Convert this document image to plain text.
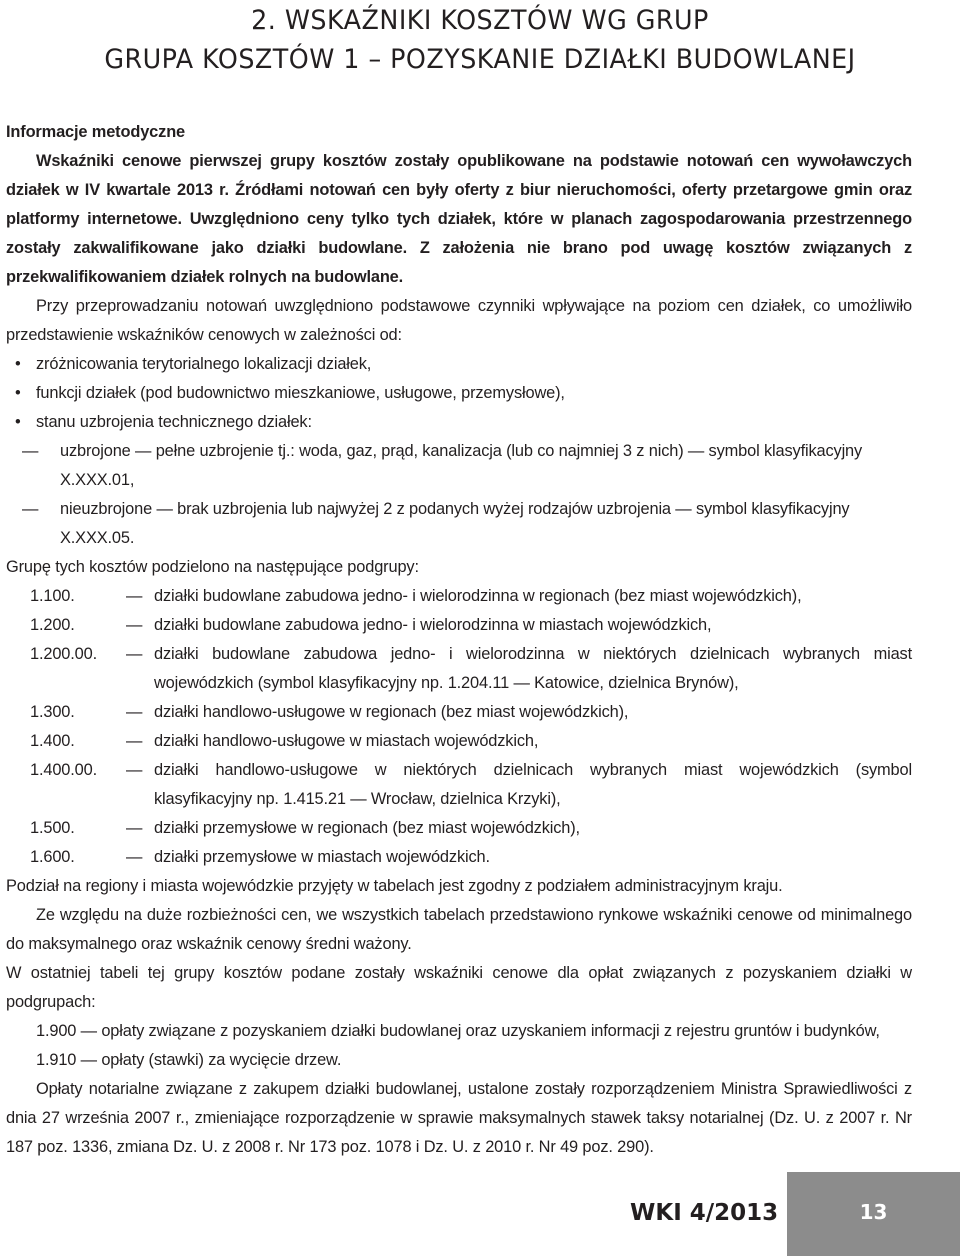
2. WSKAŹNIKI KOSZTÓW WG GRUP
GRUPA KOSZTÓW 1 – POZYSKANIE DZIAŁKI BUDOWLANEJ

Informacje metodyczne

Wskaźniki cenowe pierwszej grupy kosztów zostały opublikowane na podstawie notowań cen wywoławczych działek w IV kwartale 2013 r. Źródłami notowań cen były oferty z biur nieruchomości, oferty przetargowe gmin oraz platformy internetowe. Uwzględniono ceny tylko tych działek, które w planach zagospodarowania przestrzennego zostały zakwalifikowane jako działki budowlane. Z założenia nie brano pod uwagę kosztów związanych z przekwalifikowaniem działek rolnych na budowlane.

Przy przeprowadzaniu notowań uwzględniono podstawowe czynniki wpływające na poziom cen działek, co umożliwiło przedstawienie wskaźników cenowych w zależności od:

• zróżnicowania terytorialnego lokalizacji działek,
• funkcji działek (pod budownictwo mieszkaniowe, usługowe, przemysłowe),
• stanu uzbrojenia technicznego działek:
— uzbrojone — pełne uzbrojenie tj.: woda, gaz, prąd, kanalizacja (lub co najmniej 3 z nich) — symbol klasyfikacyjny X.XXX.01,
— nieuzbrojone — brak uzbrojenia lub najwyżej 2 z podanych wyżej rodzajów uzbrojenia — symbol klasyfikacyjny X.XXX.05.

Grupę tych kosztów podzielono na następujące podgrupy:

1.100.	— działki budowlane zabudowa jedno- i wielorodzinna w regionach (bez miast wojewódzkich),
1.200.	— działki budowlane zabudowa jedno- i wielorodzinna w miastach wojewódzkich,
1.200.00.	— działki budowlane zabudowa jedno- i wielorodzinna w niektórych dzielnicach wybranych miast wojewódzkich (symbol klasyfikacyjny np. 1.204.11 — Katowice, dzielnica Brynów),
1.300.	— działki handlowo-usługowe w regionach (bez miast wojewódzkich),
1.400.	— działki handlowo-usługowe w miastach wojewódzkich,
1.400.00.	— działki handlowo-usługowe w niektórych dzielnicach wybranych miast wojewódzkich (symbol klasyfikacyjny np. 1.415.21 — Wrocław, dzielnica Krzyki),
1.500.	— działki przemysłowe w regionach (bez miast wojewódzkich),
1.600.	— działki przemysłowe w miastach wojewódzkich.

Podział na regiony i miasta wojewódzkie przyjęty w tabelach jest zgodny z podziałem administracyjnym kraju.

Ze względu na duże rozbieżności cen, we wszystkich tabelach przedstawiono rynkowe wskaźniki cenowe od minimalnego do maksymalnego oraz wskaźnik cenowy średni ważony.

W ostatniej tabeli tej grupy kosztów podane zostały wskaźniki cenowe dla opłat związanych z pozyskaniem działki w podgrupach:

1.900 — opłaty związane z pozyskaniem działki budowlanej oraz uzyskaniem informacji z rejestru gruntów i budynków,

1.910 — opłaty (stawki) za wycięcie drzew.

Opłaty notarialne związane z zakupem działki budowlanej, ustalone zostały rozporządzeniem Ministra Sprawiedliwości z dnia 27 września 2007 r., zmieniające rozporządzenie w sprawie maksymalnych stawek taksy notarialnej (Dz. U. z 2007 r. Nr 187 poz. 1336, zmiana Dz. U. z 2008 r. Nr 173 poz. 1078 i Dz. U. z 2010 r. Nr 49 poz. 290).

WKI 4/2013	13
